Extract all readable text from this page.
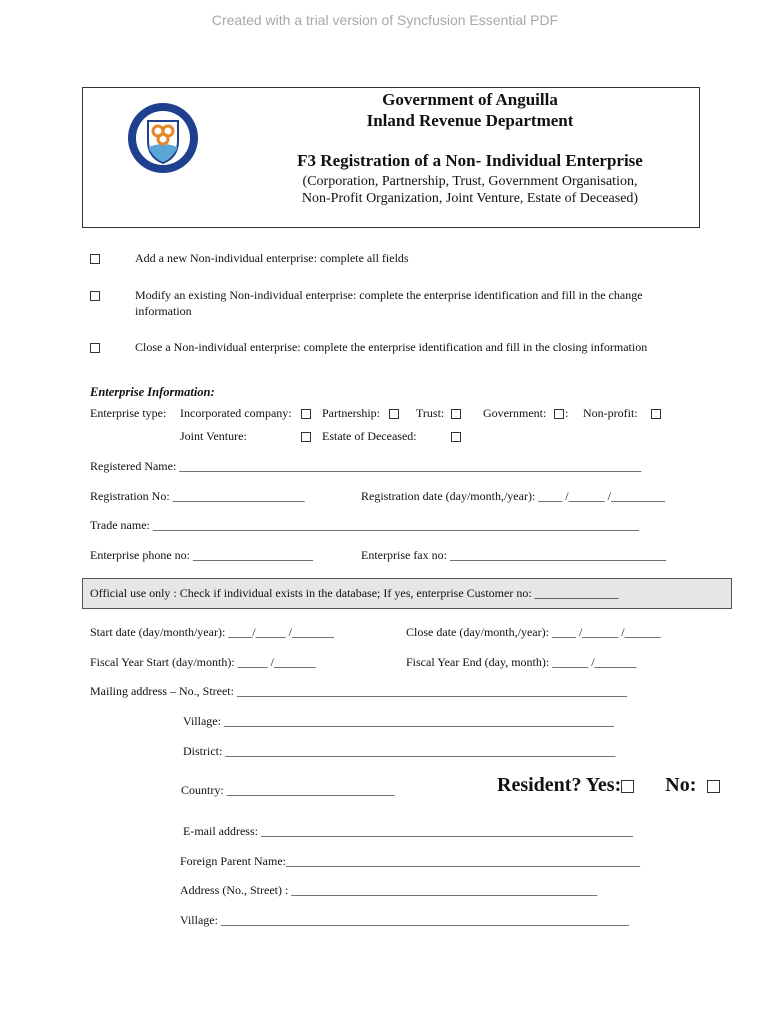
Created with a trial version of Syncfusion Essential PDF
Government of Anguilla
Inland Revenue Department
F3 Registration of a Non- Individual Enterprise
(Corporation, Partnership, Trust, Government Organisation,
Non-Profit Organization, Joint Venture, Estate of Deceased)
Add a new Non-individual enterprise: complete all fields
Modify an existing Non-individual enterprise: complete the enterprise identification and fill in the change information
Close a Non-individual enterprise: complete the enterprise identification and fill in the closing information
Enterprise Information:
Enterprise type: Incorporated company:	Partnership:	Trust:	Government: : Non-profit:
Joint Venture:	Estate of Deceased:
Registered Name: _____________________________________________________________________________
Registration No: ______________________	Registration date (day/month,/year): ____ /______ /_________
Trade name: _________________________________________________________________________________
Enterprise phone no: ____________________	Enterprise fax no: ____________________________________
Official use only : Check if individual exists in the database; If yes, enterprise Customer no: ______________
Start date (day/month/year): ____/_____ /_______	Close date (day/month,/year): ____ /______ /______
Fiscal Year Start (day/month): _____ /_______	Fiscal Year End (day, month): ______ /_______
Mailing address – No., Street: _________________________________________________________________
Village: _________________________________________________________________
District: _________________________________________________________________
Country: ____________________________	Resident? Yes: No:
E-mail address: ______________________________________________________________
Foreign Parent Name:___________________________________________________________
Address (No., Street) : ___________________________________________________
Village: ____________________________________________________________________
